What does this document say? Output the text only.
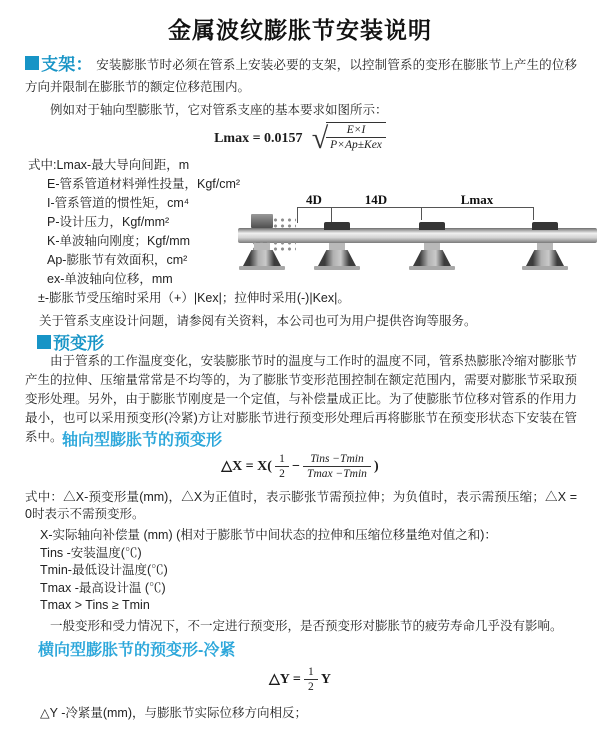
金属波纹膨胀节安装说明

支架： 安装膨胀节时必须在管系上安装必要的支架，以控制管系的变形在膨胀节上产生的位移方向并限制在膨胀节的额定位移范围内。

例如对于轴向型膨胀节，它对管系支座的基本要求如图所示：

Lmax = 0.0157 √
$\frac{E\times I}{\text{P×Ap±Kex}}$
式中:Lmax-最大导向间距，m
E-管系管道材料弹性投量，Kgf/cm²
I-管系管道的惯性矩，cm⁴
P-设计压力，Kgf/mm²
K-单波轴向刚度；Kgf/mm
Ap-膨胀节有效面积，cm²
ex-单波轴向位移，mm
±-膨胀节受压缩时采用（+）|Kex|；拉伸时采用(-)|Kex|。
4D	14D	Lmax

关于管系支座设计问题，请参阅有关资料，本公司也可为用户提供咨询等服务。

预变形

由于管系的工作温度变化，安装膨胀节时的温度与工作时的温度不同，管系热膨胀冷缩对膨胀节产生的拉伸、压缩量常常是不均等的，为了膨胀节变形范围控制在额定范围内，需要对膨胀节采取预变形处理。另外，由于膨胀节刚度是一个定值，与补偿量成正比。为了使膨胀节位移对管系的作用力最小，也可以采用预变形(冷紧)方让对膨胀节进行预变形处理后再将膨胀节在预变形状态下安装在管系中。 轴向型膨胀节的预变形
△X = $X( \frac{1}{2} - \frac{\text{Tins −Tmin}}{Tmax -Tmin}$ )

式中：△X-预变形量(mm)，△X为正值时，表示膨张节需预拉伸；为负值时，表示需预压缩；△X = 0时表示不需预变形。

X-实际轴向补偿量 (mm) (相对于膨胀节中间状态的拉伸和压缩位移量绝对值之和)：
Tins -安装温度(℃)
Tmin-最低设计温度(℃)
Tmax -最高设计温 (℃)
Tmax > Tins ≥ Tmin

一般变形和受力情况下，不一定进行预变形，是否预变形对膨胀节的疲劳寿命几乎没有影响。

横向型膨胀节的预变形-冷紧
△Y = $\frac{1}{2}$ Y

△Y -冷紧量(mm)，与膨胀节实际位移方向相反；
